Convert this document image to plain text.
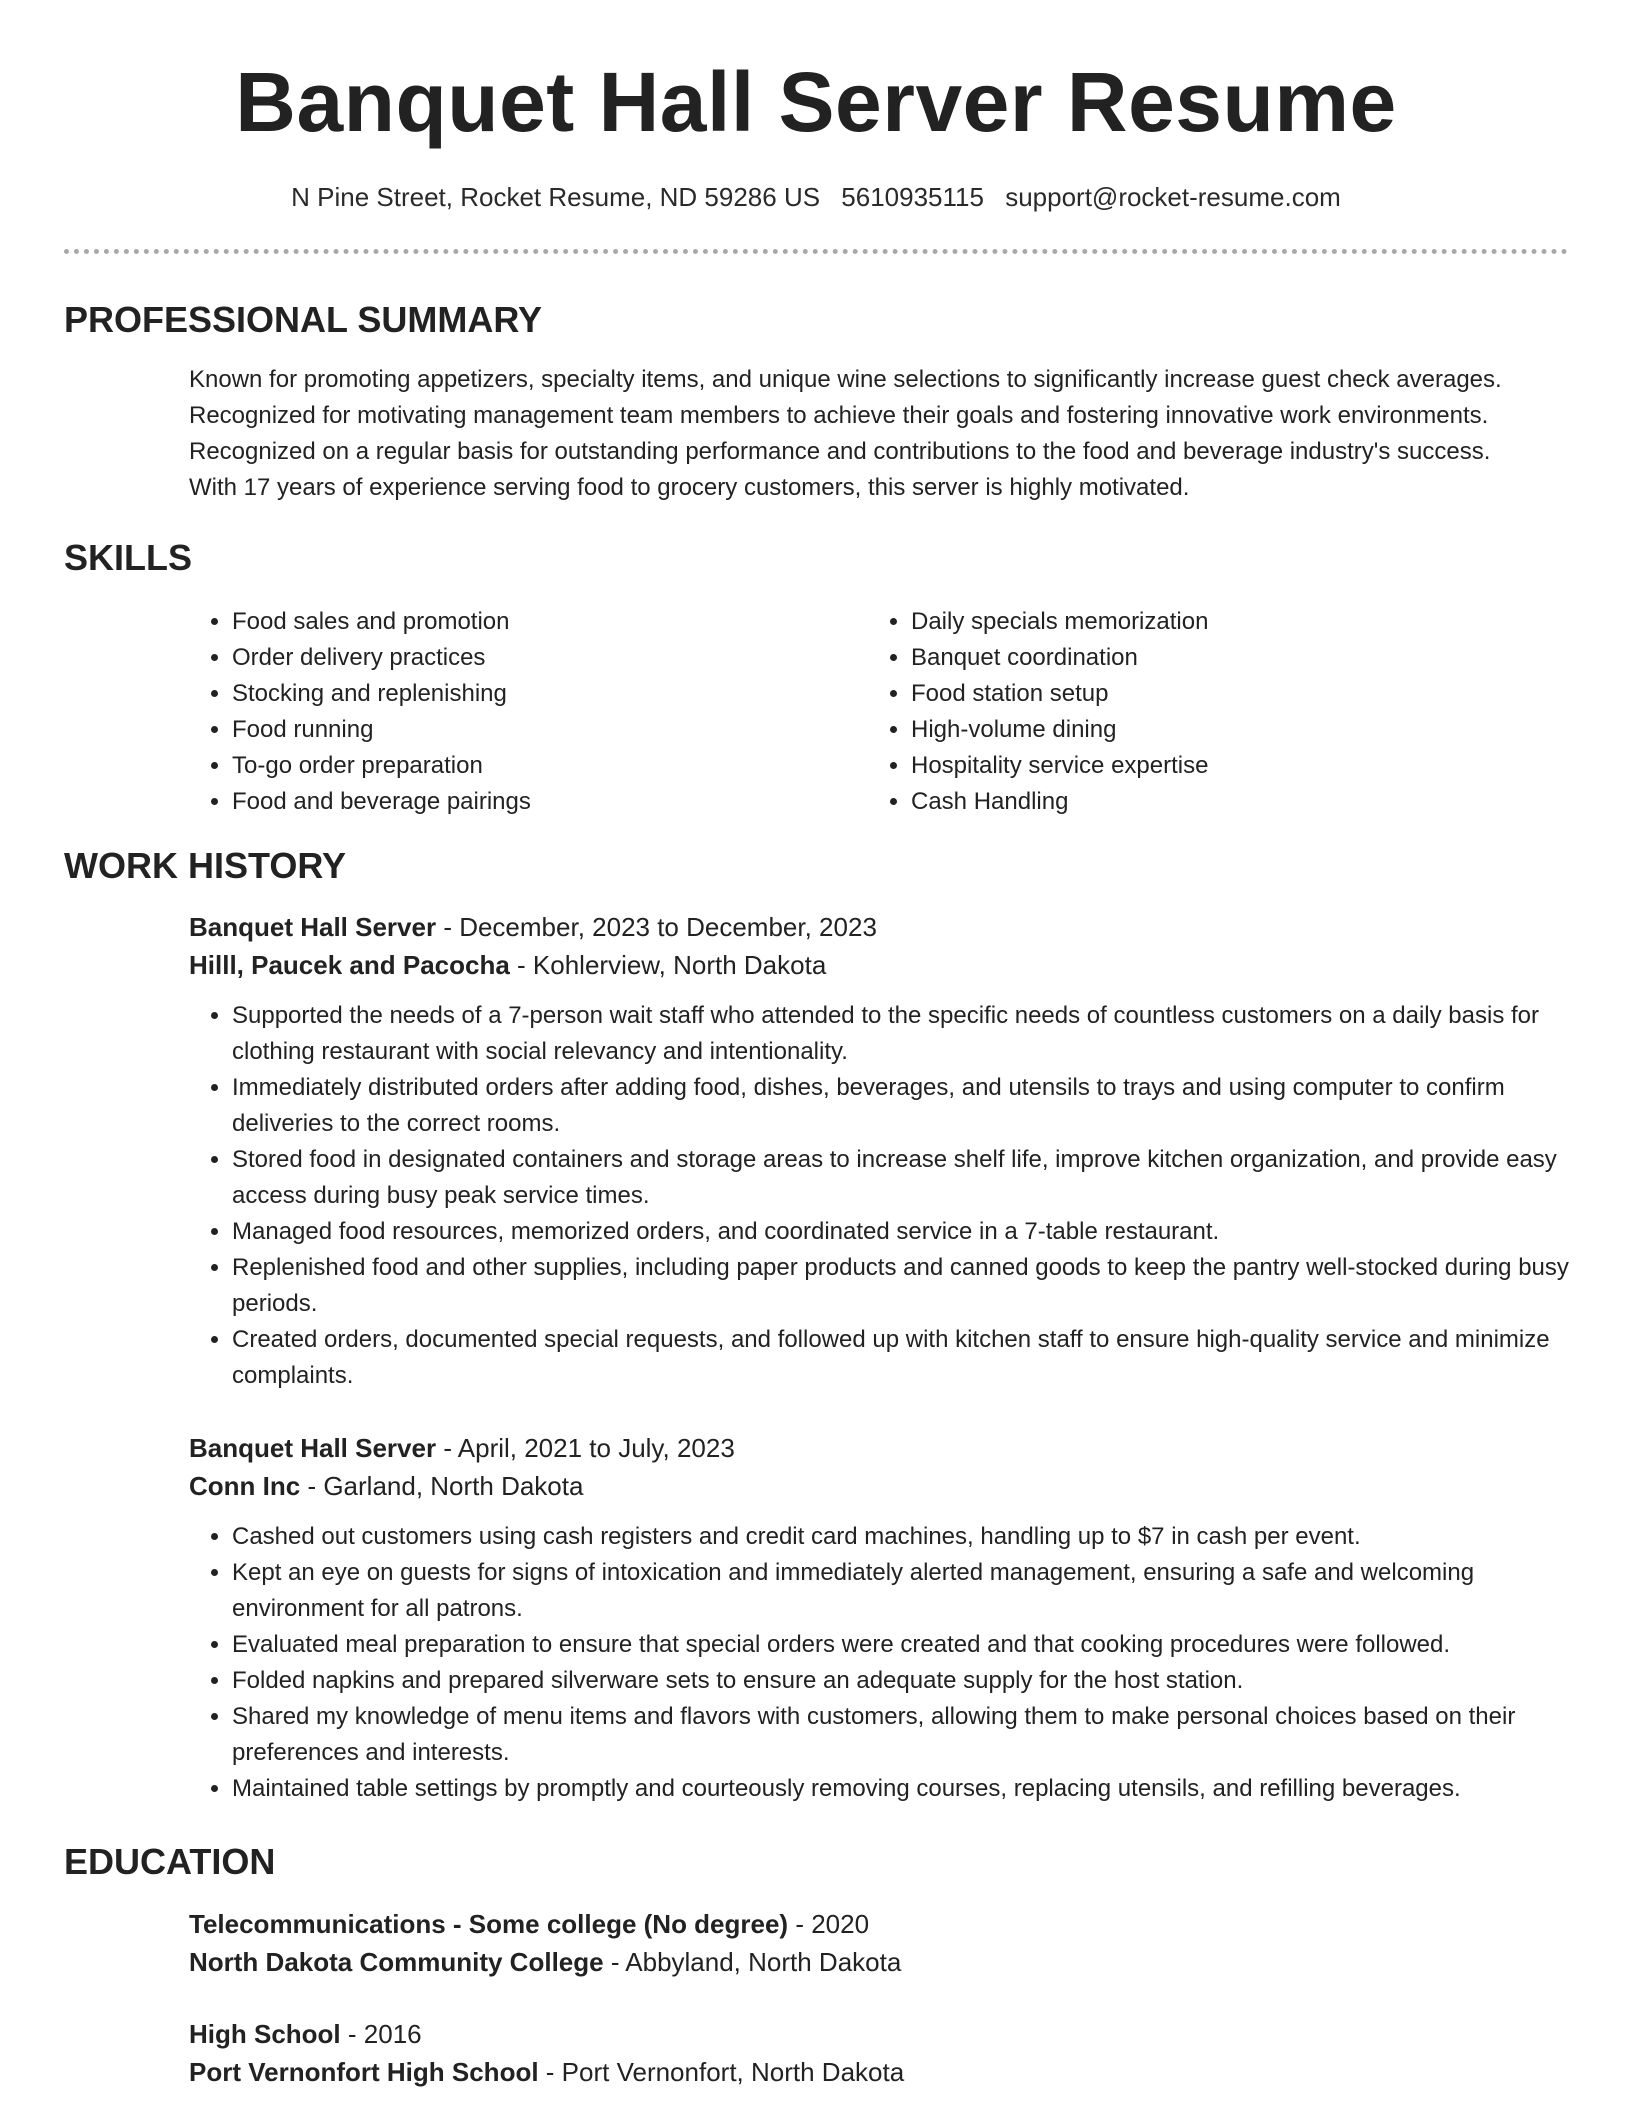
Banquet Hall Server Resume
N Pine Street, Rocket Resume, ND 59286 US 5610935115 support@rocket-resume.com
PROFESSIONAL SUMMARY

Known for promoting appetizers, specialty items, and unique wine selections to significantly increase guest check averages.

Recognized for motivating management team members to achieve their goals and fostering innovative work environments.

Recognized on a regular basis for outstanding performance and contributions to the food and beverage industry's success.

With 17 years of experience serving food to grocery customers, this server is highly motivated.

SKILLS
• Food sales and promotion
• Order delivery practices
• Stocking and replenishing
• Food running
• To-go order preparation
• Food and beverage pairings
• Daily specials memorization
• Banquet coordination
• Food station setup
• High-volume dining
• Hospitality service expertise
• Cash Handling
WORK HISTORY

Banquet Hall Server - December, 2023 to December, 2023

Hilll, Paucek and Pacocha - Kohlerview, North Dakota

• Supported the needs of a 7-person wait staff who attended to the specific needs of countless customers on a daily basis for clothing restaurant with social relevancy and intentionality.
• Immediately distributed orders after adding food, dishes, beverages, and utensils to trays and using computer to confirm deliveries to the correct rooms.
• Stored food in designated containers and storage areas to increase shelf life, improve kitchen organization, and provide easy access during busy peak service times.
• Managed food resources, memorized orders, and coordinated service in a 7-table restaurant.
• Replenished food and other supplies, including paper products and canned goods to keep the pantry well-stocked during busy periods.
• Created orders, documented special requests, and followed up with kitchen staff to ensure high-quality service and minimize complaints.

Banquet Hall Server - April, 2021 to July, 2023

Conn Inc - Garland, North Dakota

• Cashed out customers using cash registers and credit card machines, handling up to $7 in cash per event.
• Kept an eye on guests for signs of intoxication and immediately alerted management, ensuring a safe and welcoming environment for all patrons.
• Evaluated meal preparation to ensure that special orders were created and that cooking procedures were followed.
• Folded napkins and prepared silverware sets to ensure an adequate supply for the host station.
• Shared my knowledge of menu items and flavors with customers, allowing them to make personal choices based on their preferences and interests.
• Maintained table settings by promptly and courteously removing courses, replacing utensils, and refilling beverages.
EDUCATION

Telecommunications - Some college (No degree) - 2020

North Dakota Community College - Abbyland, North Dakota

High School - 2016

Port Vernonfort High School - Port Vernonfort, North Dakota
